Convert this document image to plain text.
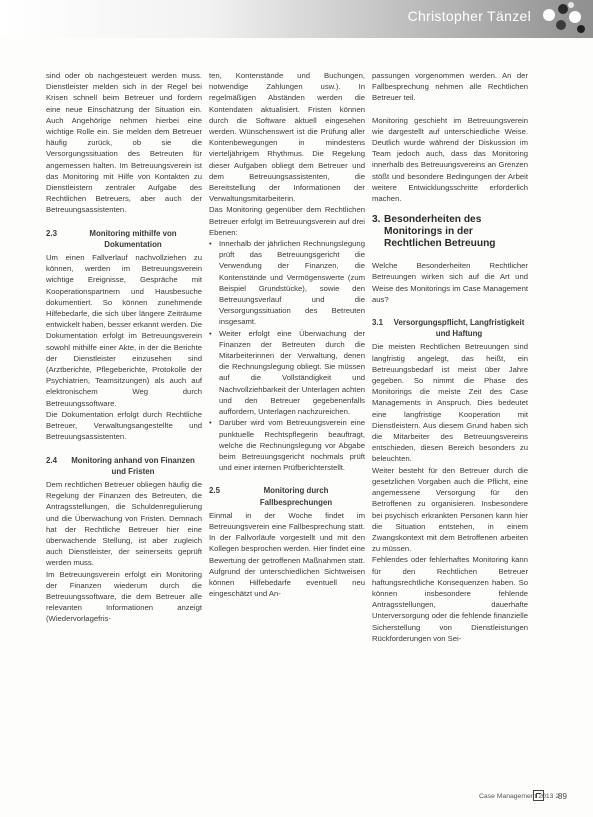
Christopher Tänzel

sind oder ob nachgesteuert werden muss. Dienstleister melden sich in der Regel bei Krisen schnell beim Betreuer und fordern eine neue Einschätzung der Situation ein. Auch Angehörige nehmen hierbei eine wichtige Rolle ein. Sie melden dem Betreuer häufig zurück, ob sie die Versorgungssituation des Betreuten für angemessen halten. Im Betreuungsverein ist das Monitoring mit Hilfe von Kontakten zu Dienstleistern zentraler Aufgabe des Rechtlichen Betreuers, aber auch der Betreuungsassistenten.

2.3	Monitoring mithilfe von Dokumentation

Um einen Fallverlauf nachvollziehen zu können, werden im Betreuungsverein wichtige Ereignisse, Gespräche mit Kooperationspartnern und Hausbesuche dokumentiert. So können zunehmende Hilfebedarfe, die sich über längere Zeiträume entwickelt haben, besser erkannt werden. Die Dokumentation erfolgt im Betreuungsverein sowohl mithilfe einer Akte, in der die Berichte der Dienstleister einzusehen sind (Arztberichte, Pflegeberichte, Protokolle der Psychiatrien, Teamsitzungen) als auch auf elektronischem Weg durch Betreuungssoftware.

Die Dokumentation erfolgt durch Rechtliche Betreuer, Verwaltungsangestellte und Betreuungsassistenten.

2.4	Monitoring anhand von Finanzen und Fristen

Dem rechtlichen Betreuer obliegen häufig die Regelung der Finanzen des Betreuten, die Antragsstellungen, die Schuldenregulierung und die Überwachung von Fristen. Demnach hat der Rechtliche Betreuer hier eine überwachende Stellung, ist aber zugleich auch Dienstleister, der seinerseits geprüft werden muss.

Im Betreuungsverein erfolgt ein Monitoring der Finanzen wiederum durch die Betreuungssoftware, die dem Betreuer alle relevanten Informationen anzeigt (Wiedervorlagefris-

ten, Kontenstände und Buchungen, notwendige Zahlungen usw.). In regelmäßigen Abständen werden die Kontendaten aktualisiert. Fristen können durch die Software aktuell eingesehen werden. Wünschenswert ist die Prüfung aller Kontenbewegungen in mindestens vierteljährigem Rhythmus. Die Regelung dieser Aufgaben obliegt dem Betreuer und dem Betreuungsassistenten, die Bereitstellung der Informationen der Verwaltungsmitarbeiterin.

Das Monitoring gegenüber dem Rechtlichen Betreuer erfolgt im Betreuungsverein auf drei Ebenen:

• Innerhalb der jährlichen Rechnungslegung prüft das Betreuungsgericht die Verwendung der Finanzen, die Kontenstände und Vermögenswerte (zum Beispiel Grundstücke), sowie den Betreuungsverlauf und die Versorgungssituation des Betreuten insgesamt.
• Weiter erfolgt eine Überwachung der Finanzen der Betreuten durch die Mitarbeiterinnen der Verwaltung, denen die Rechnungslegung obliegt. Sie müssen auf die Vollständigkeit und Nachvollziehbarkeit der Unterlagen achten und den Betreuer gegebenenfalls auffordern, Unterlagen nachzureichen.
• Darüber wird vom Betreuungsverein eine punktuelle Rechtspflegerin beauftragt, welche die Rechnungslegung vor Abgabe beim Betreuungsgericht nochmals prüft und einer internen Prüfberichterstellt.
2.5	Monitoring durch Fallbesprechungen

Einmal in der Woche findet im Betreuungsverein eine Fallbesprechung statt. In der Fallvorläufe vorgestellt und mit den Kollegen besprochen werden. Hier findet eine Bewertung der getroffenen Maßnahmen statt. Aufgrund der unterschiedlichen Sichtweisen können Hilfebedarfe eventuell neu eingeschätzt und An-

passungen vorgenommen werden. An der Fallbesprechung nehmen alle Rechtlichen Betreuer teil.

Monitoring geschieht im Betreuungsverein wie dargestellt auf unterschiedliche Weise. Deutlich wurde während der Diskussion im Team jedoch auch, dass das Monitoring innerhalb des Betreuungsvereins an Grenzen stößt und besondere Bedingungen der Arbeit weitere Entwicklungsschritte erforderlich machen.

3. Besonderheiten des Monitorings in der Rechtlichen Betreuung

Welche Besonderheiten Rechtlicher Betreuungen wirken sich auf die Art und Weise des Monitorings im Case Management aus?

3.1	Versorgungspflicht, Langfristigkeit und Haftung

Die meisten Rechtlichen Betreuungen sind langfristig angelegt, das heißt, ein Betreuungsbedarf ist meist über Jahre gegeben. So nimmt die Phase des Monitorings die meiste Zeit des Case Managements in Anspruch. Dies bedeutet eine langfristige Kooperation mit Dienstleistern. Aus diesem Grund haben sich die Mitarbeiter des Betreuungsvereins entschieden, diesen Bereich besonders zu beleuchten.

Weiter besteht für den Betreuer durch die gesetzlichen Vorgaben auch die Pflicht, eine angemessene Versorgung für den Betroffenen zu organisieren. Insbesondere bei psychisch erkrankten Personen kann hier die Situation entstehen, in einem Zwangskontext mit dem Betroffenen arbeiten zu müssen.

Fehlendes oder fehlerhaftes Monitoring kann für den Rechtlichen Betreuer haftungsrechtliche Konsequenzen haben. So können insbesondere fehlende Antragsstellungen, dauerhafte Unterversorgung oder die fehlende finanzielle Sicherstellung von Dienstleistungen Rückforderungen von Sei-

Case Management 2013 2
89
